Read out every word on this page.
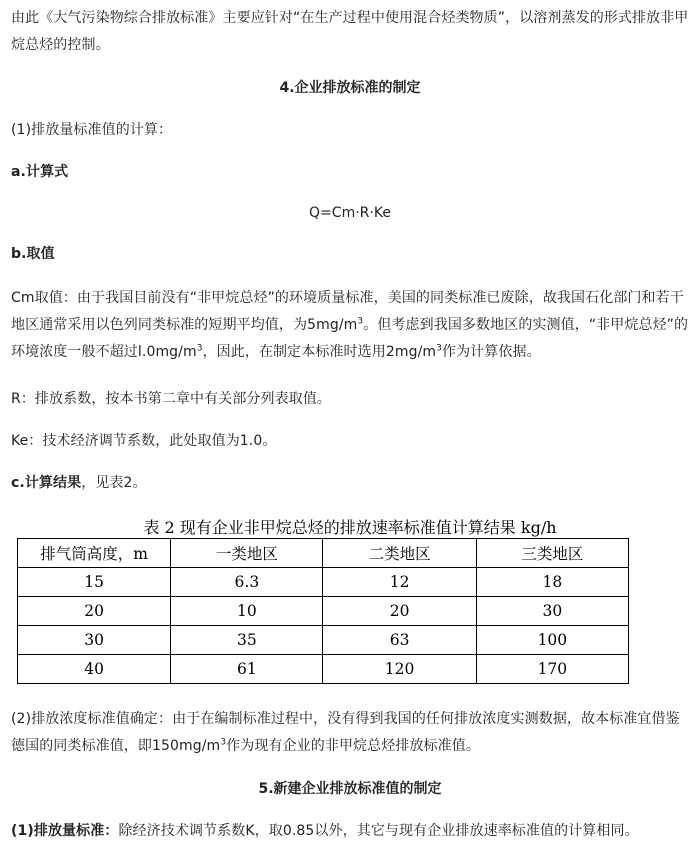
由此《大气污染物综合排放标准》主要应针对“在生产过程中使用混合烃类物质”，以溶剂蒸发的形式排放非甲烷总烃的控制。

4.企业排放标准的制定

(1)排放量标准值的计算：

a.计算式

Q=Cm·R·Ke

b.取值

Cm取值：由于我国目前没有“非甲烷总烃”的环境质量标准，美国的同类标准已废除，故我国石化部门和若干地区通常采用以色列同类标准的短期平均值，为$5mg/m^3$。但考虑到我国多数地区的实测值，“非甲烷总烃”的环境浓度一般不超过$l.0mg/m^3$，因此，在制定本标准时选用$2mg/m^3$作为计算依据。

R：排放系数，按本书第二章中有关部分列表取值。

Ke：技术经济调节系数，此处取值为1.0。

c.计算结果，见表2。

表 2 现有企业非甲烷总烃的排放速率标准值计算结果 kg/h
排气筒高度，m	一类地区	二类地区	三类地区
15	6.3	12	18
20	10	20	30
30	35	63	100
40	61	120	170

(2)排放浓度标准值确定：由于在编制标准过程中，没有得到我国的任何排放浓度实测数据，故本标准宜借鉴德国的同类标准值，即$150mg/m^3$作为现有企业的非甲烷总烃排放标准值。

5.新建企业排放标准值的制定

(1)排放量标准：除经济技术调节系数K，取0.85以外，其它与现有企业排放速率标准值的计算相同。
